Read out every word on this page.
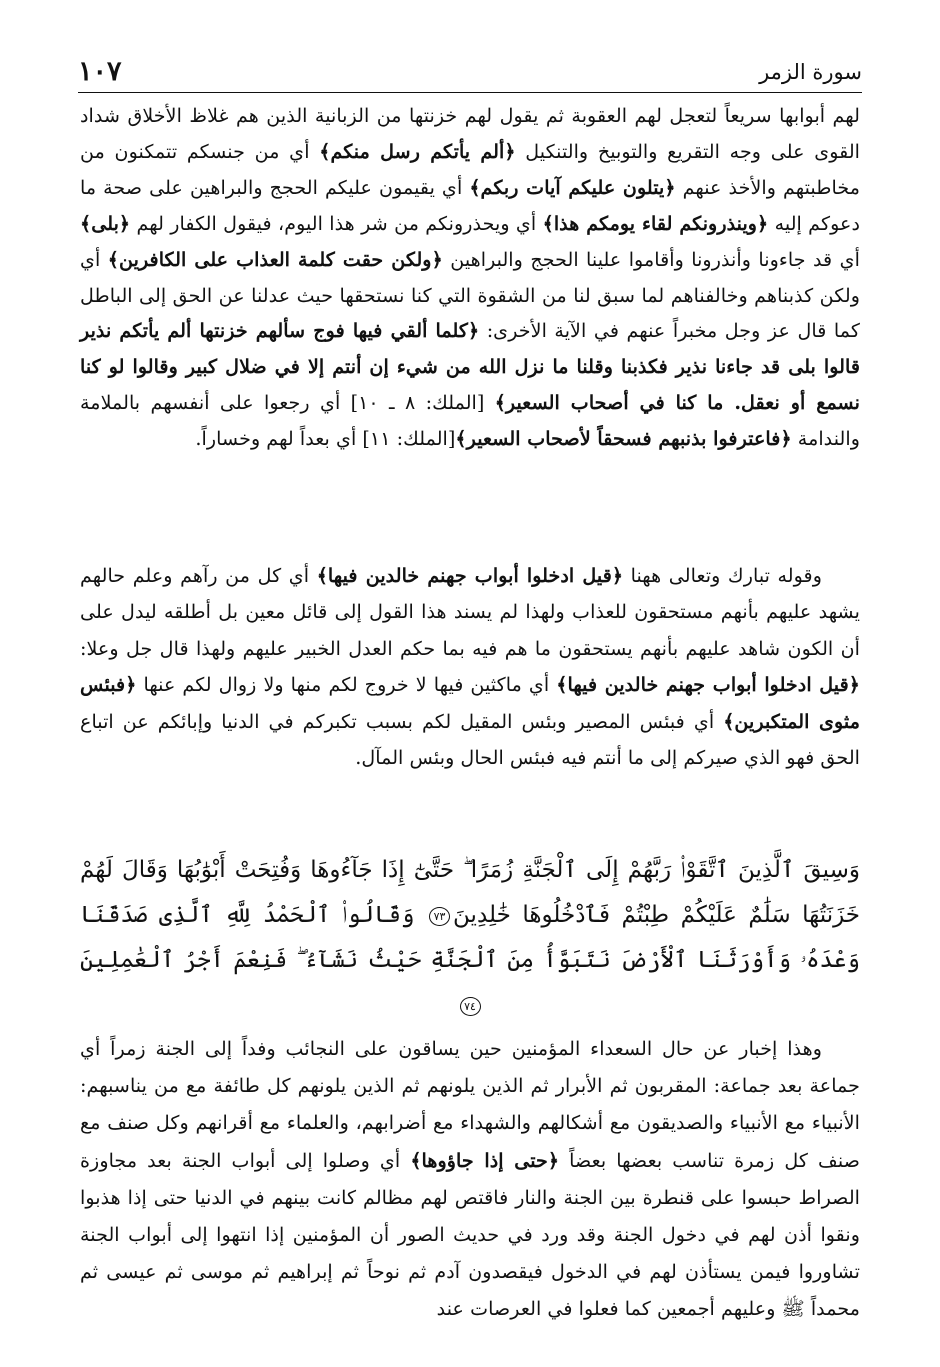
سورة الزمر
١٠٧
لهم أبوابها سريعاً لتعجل لهم العقوبة ثم يقول لهم خزنتها من الزبانية الذين هم غلاظ الأخلاق شداد القوى على وجه التقريع والتوبيخ والتنكيل ﴿ألم يأتكم رسل منكم﴾ أي من جنسكم تتمكنون من مخاطبتهم والأخذ عنهم ﴿يتلون عليكم آيات ربكم﴾ أي يقيمون عليكم الحجج والبراهين على صحة ما دعوكم إليه ﴿وينذرونكم لقاء يومكم هذا﴾ أي ويحذرونكم من شر هذا اليوم، فيقول الكفار لهم ﴿بلى﴾ أي قد جاءونا وأنذرونا وأقاموا علينا الحجج والبراهين ﴿ولكن حقت كلمة العذاب على الكافرين﴾ أي ولكن كذبناهم وخالفناهم لما سبق لنا من الشقوة التي كنا نستحقها حيث عدلنا عن الحق إلى الباطل كما قال عز وجل مخبراً عنهم في الآية الأخرى: ﴿كلما ألقي فيها فوج سألهم خزنتها ألم يأتكم نذير قالوا بلى قد جاءنا نذير فكذبنا وقلنا ما نزل الله من شيء إن أنتم إلا في ضلال كبير وقالوا لو كنا نسمع أو نعقل. ما كنا في أصحاب السعير﴾ [الملك: ٨ ـ ١٠] أي رجعوا على أنفسهم بالملامة والندامة ﴿فاعترفوا بذنبهم فسحقاً لأصحاب السعير﴾[الملك: ١١] أي بعداً لهم وخساراً.
وقوله تبارك وتعالى ههنا ﴿قيل ادخلوا أبواب جهنم خالدين فيها﴾ أي كل من رآهم وعلم حالهم يشهد عليهم بأنهم مستحقون للعذاب ولهذا لم يسند هذا القول إلى قائل معين بل أطلقه ليدل على أن الكون شاهد عليهم بأنهم يستحقون ما هم فيه بما حكم العدل الخبير عليهم ولهذا قال جل وعلا: ﴿قيل ادخلوا أبواب جهنم خالدين فيها﴾ أي ماكثين فيها لا خروج لكم منها ولا زوال لكم عنها ﴿فبئس مثوى المتكبرين﴾ أي فبئس المصير وبئس المقيل لكم بسبب تكبركم في الدنيا وإبائكم عن اتباع الحق فهو الذي صيركم إلى ما أنتم فيه فبئس الحال وبئس المآل.
وَسِيقَ ٱلَّذِينَ ٱتَّقَوْا۟ رَبَّهُمْ إِلَى ٱلْجَنَّةِ زُمَرًا ۖ حَتَّىٰٓ إِذَا جَآءُوهَا وَفُتِحَتْ أَبْوَٰبُهَا وَقَالَ لَهُمْ خَزَنَتُهَا سَلَٰمٌ عَلَيْكُمْ طِبْتُمْ فَٱدْخُلُوهَا خَٰلِدِينَ٧٣ وَقَالُوا۟ ٱلْحَمْدُ لِلَّهِ ٱلَّذِى صَدَقَنَا وَعْدَهُۥ وَأَوْرَثَنَا ٱلْأَرْضَ نَتَبَوَّأُ مِنَ ٱلْجَنَّةِ حَيْثُ نَشَآءُ ۖ فَنِعْمَ أَجْرُ ٱلْعَٰمِلِينَ٧٤
وهذا إخبار عن حال السعداء المؤمنين حين يساقون على النجائب وفداً إلى الجنة زمراً أي جماعة بعد جماعة: المقربون ثم الأبرار ثم الذين يلونهم ثم الذين يلونهم كل طائفة مع من يناسبهم: الأنبياء مع الأنبياء والصديقون مع أشكالهم والشهداء مع أضرابهم، والعلماء مع أقرانهم وكل صنف مع صنف كل زمرة تناسب بعضها بعضاً ﴿حتى إذا جاؤوها﴾ أي وصلوا إلى أبواب الجنة بعد مجاوزة الصراط حبسوا على قنطرة بين الجنة والنار فاقتص لهم مظالم كانت بينهم في الدنيا حتى إذا هذبوا ونقوا أذن لهم في دخول الجنة وقد ورد في حديث الصور أن المؤمنين إذا انتهوا إلى أبواب الجنة تشاوروا فيمن يستأذن لهم في الدخول فيقصدون آدم ثم نوحاً ثم إبراهيم ثم موسى ثم عيسى ثم محمداً ﷺ وعليهم أجمعين كما فعلوا في العرصات عند
